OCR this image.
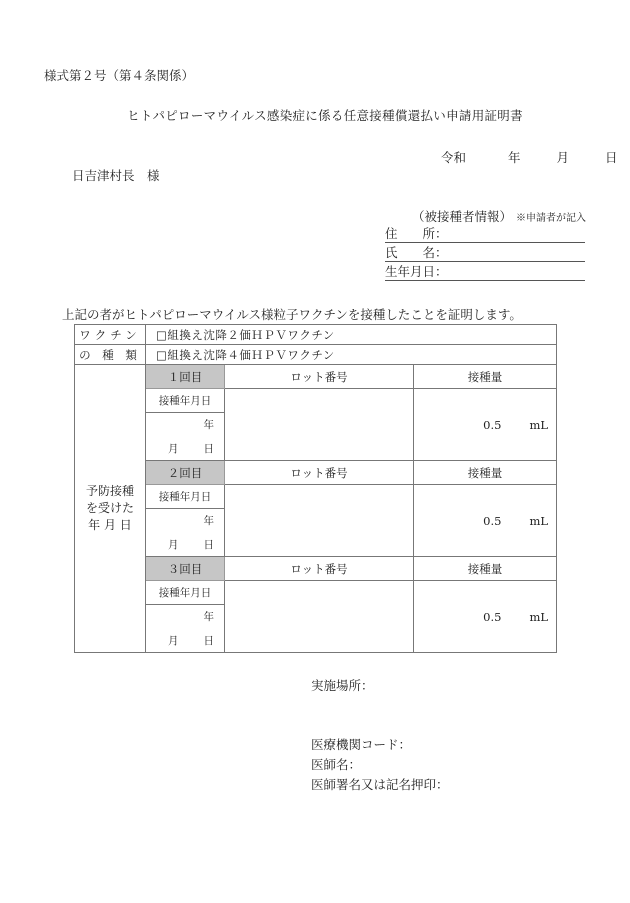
様式第２号（第４条関係）
ヒトパピローマウイルス感染症に係る任意接種償還払い申請用証明書
令和	年	月	日
日吉津村長　様
（被接種者情報） ※申請者が記入
住　　所：
氏　　名：
生年月日：
上記の者がヒトパピローマウイルス様粒子ワクチンを接種したことを証明します。
ワクチン	□組換え沈降２価ＨＰＶワクチン		
の 種 類	□組換え沈降４価ＨＰＶワクチン		

予防接種
を受けた
年 月 日	１回目	ロット番号	接種量
	接種年月日		0.5 mL

	年
月 日		

	２回目	ロット番号	接種量
	接種年月日		0.5 mL

	年
月 日		

	３回目	ロット番号	接種量
	接種年月日		0.5 mL

	年
月 日		
実施場所：
医療機関コード：
医師名：
医師署名又は記名押印：
